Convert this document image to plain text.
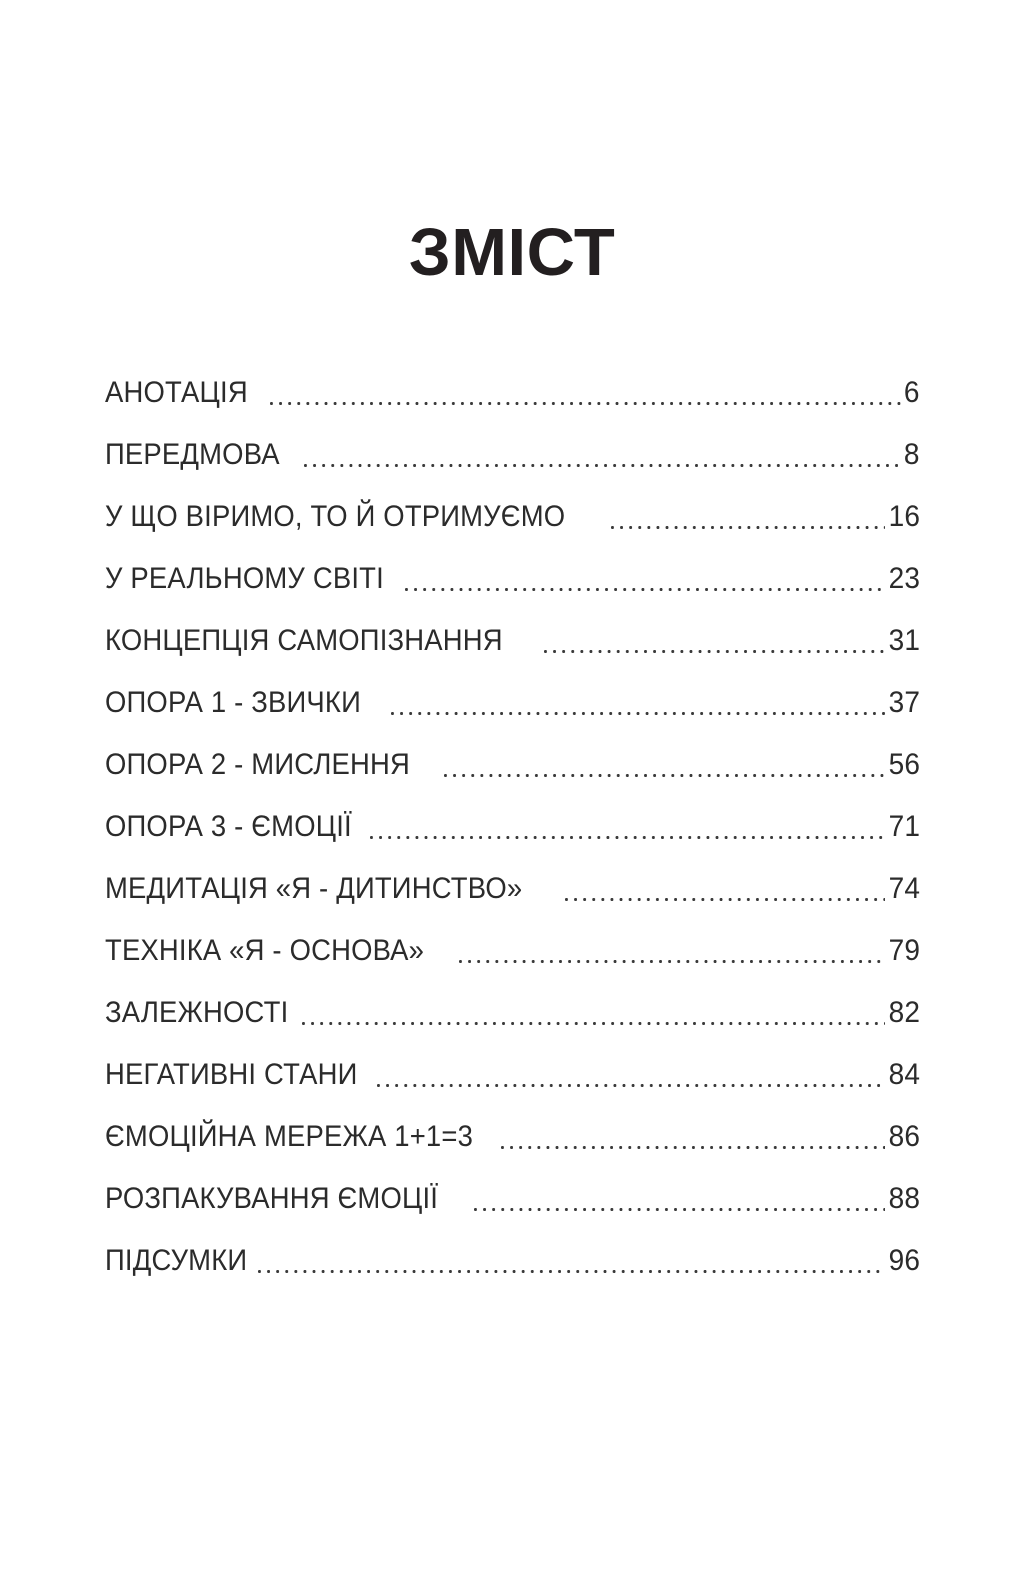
ЗМІСТ
АНОТАЦІЯ	6
ПЕРЕДМОВА	8
У ЩО ВІРИМО, ТО Й ОТРИМУЄМО	16
У РЕАЛЬНОМУ СВІТІ	23
КОНЦЕПЦІЯ САМОПІЗНАННЯ	31
ОПОРА 1 - ЗВИЧКИ	37
ОПОРА 2 - МИСЛЕННЯ	56
ОПОРА 3 - ЄМОЦІЇ	71
МЕДИТАЦІЯ «Я - ДИТИНСТВО»	74
ТЕХНІКА «Я - ОСНОВА»	79
ЗАЛЕЖНОСТІ	82
НЕГАТИВНІ СТАНИ	84
ЄМОЦІЙНА МЕРЕЖА 1+1=3	86
РОЗПАКУВАННЯ ЄМОЦІЇ	88
ПІДСУМКИ	96
